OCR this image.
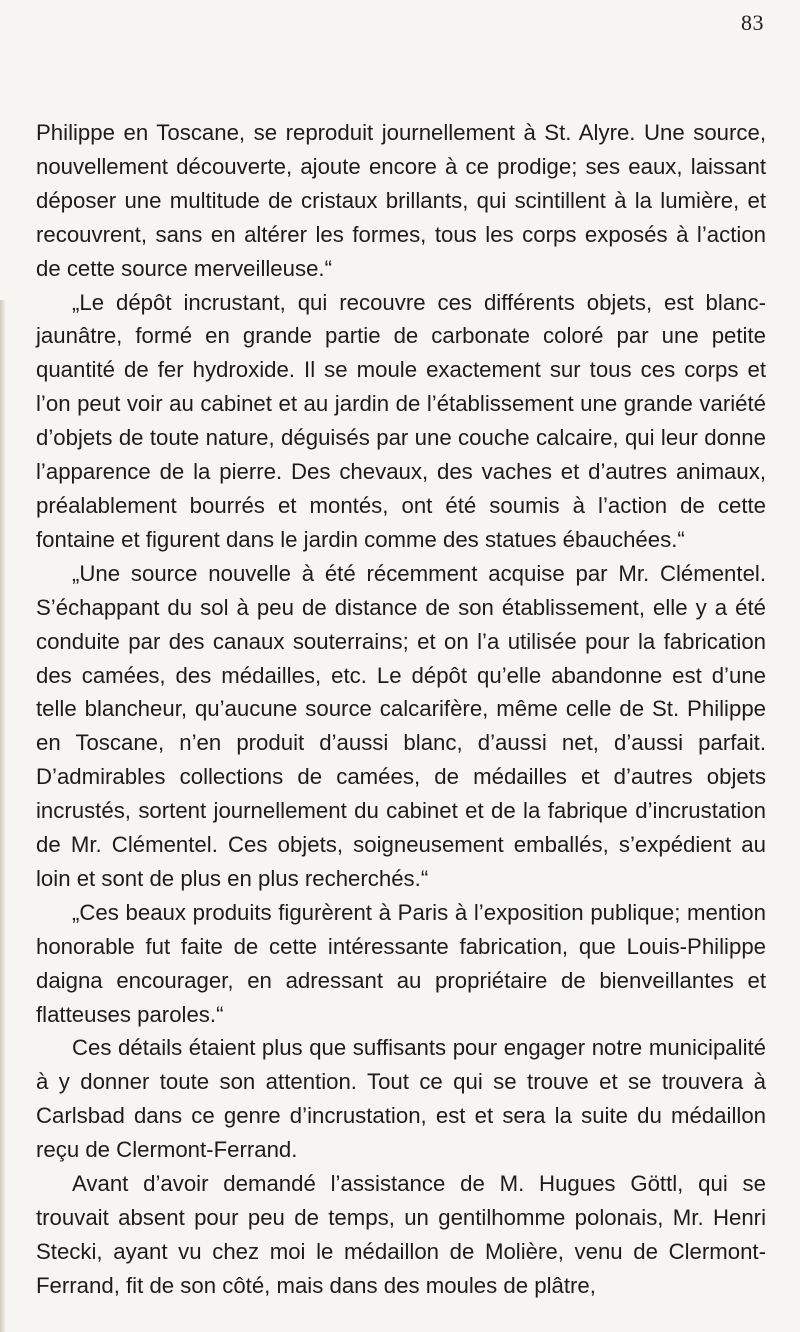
83

Philippe en Toscane, se reproduit journellement à St. Alyre. Une source, nouvellement découverte, ajoute encore à ce prodige; ses eaux, laissant déposer une multitude de cristaux brillants, qui scintillent à la lumière, et recouvrent, sans en altérer les formes, tous les corps exposés à l’action de cette source merveilleuse.“

„Le dépôt incrustant, qui recouvre ces différents objets, est blanc-jaunâtre, formé en grande partie de carbonate coloré par une petite quantité de fer hydroxide. Il se moule exactement sur tous ces corps et l’on peut voir au cabinet et au jardin de l’établissement une grande variété d’objets de toute nature, déguisés par une couche calcaire, qui leur donne l’apparence de la pierre. Des chevaux, des vaches et d’autres animaux, préalablement bourrés et montés, ont été soumis à l’action de cette fontaine et figurent dans le jardin comme des statues ébauchées.“

„Une source nouvelle à été récemment acquise par Mr. Clémentel. S’échappant du sol à peu de distance de son établissement, elle y a été conduite par des canaux souterrains; et on l’a utilisée pour la fabrication des camées, des médailles, etc. Le dépôt qu’elle abandonne est d’une telle blancheur, qu’aucune source calcarifère, même celle de St. Philippe en Toscane, n’en produit d’aussi blanc, d’aussi net, d’aussi parfait. D’admirables collections de camées, de médailles et d’autres objets incrustés, sortent journellement du cabinet et de la fabrique d’incrustation de Mr. Clémentel. Ces objets, soigneusement emballés, s’expédient au loin et sont de plus en plus recherchés.“

„Ces beaux produits figurèrent à Paris à l’exposition publique; mention honorable fut faite de cette intéressante fabrication, que Louis-Philippe daigna encourager, en adressant au propriétaire de bienveillantes et flatteuses paroles.“

Ces détails étaient plus que suffisants pour engager notre municipalité à y donner toute son attention. Tout ce qui se trouve et se trouvera à Carlsbad dans ce genre d’incrustation, est et sera la suite du médaillon reçu de Clermont-Ferrand.

Avant d’avoir demandé l’assistance de M. Hugues Göttl, qui se trouvait absent pour peu de temps, un gentilhomme polonais, Mr. Henri Stecki, ayant vu chez moi le médaillon de Molière, venu de Clermont-Ferrand, fit de son côté, mais dans des moules de plâtre,
